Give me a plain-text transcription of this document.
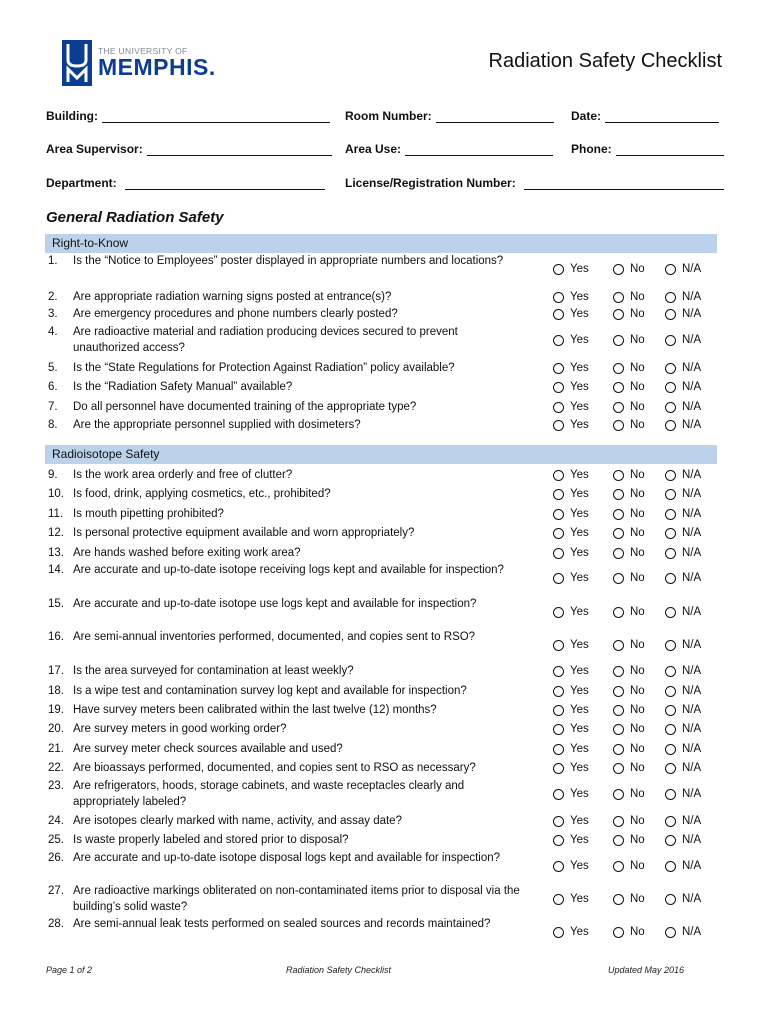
THE UNIVERSITY OF
MEMPHIS.	Radiation Safety Checklist
Building:	Room Number:	Date:
Area Supervisor:	Area Use:	Phone:
Department:	License/Registration Number:
General Radiation Safety
Right-to-Know
Radioisotope Safety
1.	Is the “Notice to Employees” poster displayed in appropriate numbers and locations?
Yes	No	N/A
2.	Are appropriate radiation warning signs posted at entrance(s)?	Yes	No	N/A
3.	Are emergency procedures and phone numbers clearly posted?	Yes	No	N/A
4.	Are radioactive material and radiation producing devices secured to prevent unauthorized access?
Yes	No	N/A
5.	Is the “State Regulations for Protection Against Radiation” policy available?	Yes	No	N/A
6.	Is the “Radiation Safety Manual” available?	Yes	No	N/A
7.	Do all personnel have documented training of the appropriate type?	Yes	No	N/A
8.	Are the appropriate personnel supplied with dosimeters?	Yes	No	N/A
9.	Is the work area orderly and free of clutter?	Yes	No	N/A
10. Is food, drink, applying cosmetics, etc., prohibited?	Yes	No	N/A
11. Is mouth pipetting prohibited?	Yes	No	N/A
12. Is personal protective equipment available and worn appropriately?	Yes	No	N/A
13. Are hands washed before exiting work area?	Yes	No	N/A
14. Are accurate and up-to-date isotope receiving logs kept and available for inspection?
Yes	No	N/A
15. Are accurate and up-to-date isotope use logs kept and available for inspection?
Yes	No	N/A
16. Are semi-annual inventories performed, documented, and copies sent to RSO?
Yes	No	N/A
17. Is the area surveyed for contamination at least weekly?	Yes	No	N/A
18. Is a wipe test and contamination survey log kept and available for inspection?	Yes	No	N/A
19. Have survey meters been calibrated within the last twelve (12) months?	Yes	No	N/A
20. Are survey meters in good working order?	Yes	No	N/A
21. Are survey meter check sources available and used?	Yes	No	N/A
22. Are bioassays performed, documented, and copies sent to RSO as necessary?	Yes	No	N/A
23. Are refrigerators, hoods, storage cabinets, and waste receptacles clearly and appropriately labeled?
Yes	No	N/A
24. Are isotopes clearly marked with name, activity, and assay date?	Yes	No	N/A
25. Is waste properly labeled and stored prior to disposal?	Yes	No	N/A
26. Are accurate and up-to-date isotope disposal logs kept and available for inspection?
Yes	No	N/A
27. Are radioactive markings obliterated on non-contaminated items prior to disposal via the building’s solid waste?
Yes	No	N/A
28. Are semi-annual leak tests performed on sealed sources and records maintained?
Yes	No	N/A
Page 1 of 2	Radiation Safety Checklist	Updated May 2016
